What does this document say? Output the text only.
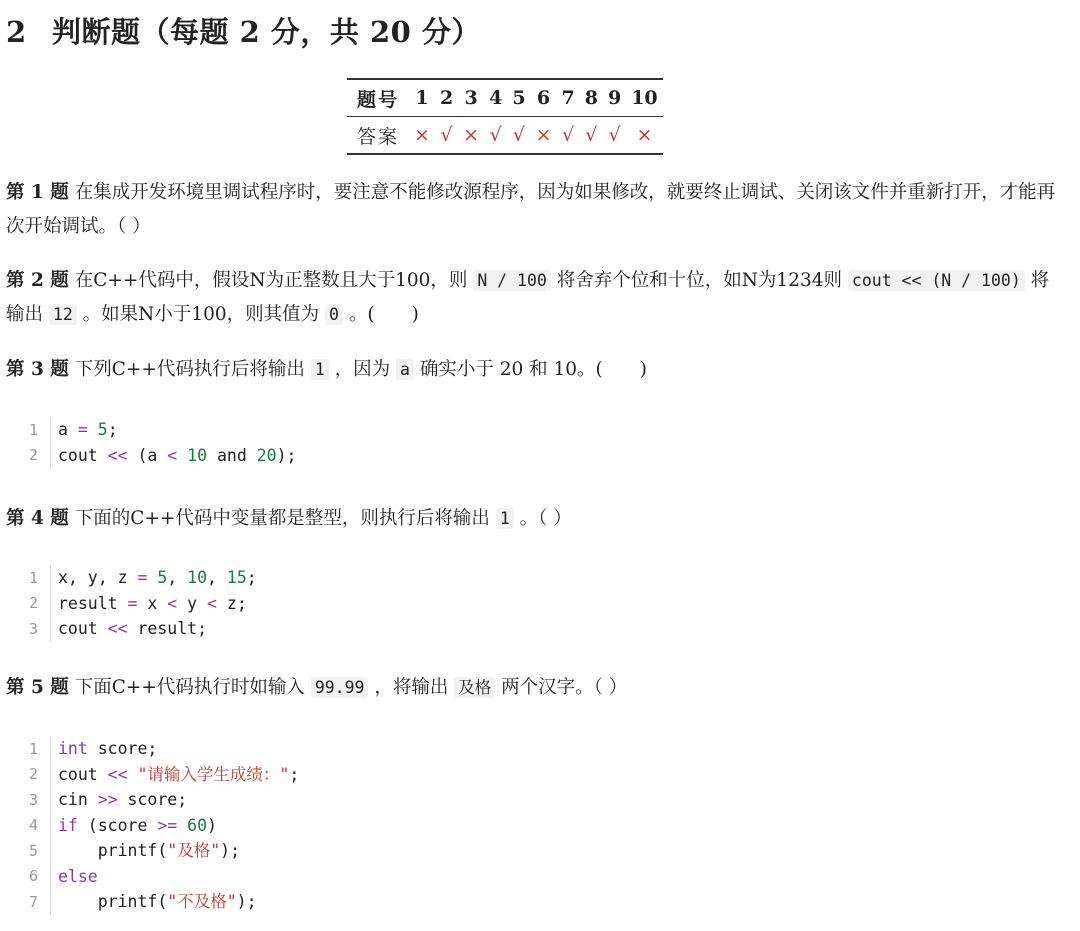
2 判断题（每题 2 分，共 20 分）
题号	1	2	3	4	5	6	7	8	9	10
答案	×	√	×	√	√	×	√	√	√	×

第 1 题 在集成开发环境里调试程序时，要注意不能修改源程序，因为如果修改，就要终止调试、关闭该文件并重新打开，才能再次开始调试。（ ）

第 2 题 在C++代码中，假设N为正整数且大于100，则 N / 100 将舍弃个位和十位，如N为1234则 cout << (N / 100) 将输出 12 。如果N小于100，则其值为 0 。(　　)

第 3 题 下列C++代码执行后将输出 1 ，因为 a 确实小于 20 和 10。(　　)

1	a = 5;
2	cout << (a < 10 and 20);

第 4 题 下面的C++代码中变量都是整型，则执行后将输出 1 。（ ）

1	x, y, z = 5, 10, 15;
2	result = x < y < z;
3	cout << result;

第 5 题 下面C++代码执行时如输入 99.99 ，将输出 及格 两个汉字。（ ）

1	int score;
2	cout << "请输入学生成绩：";
3	cin >> score;
4	if (score >= 60)
5	printf("及格");
6	else
7	printf("不及格");
